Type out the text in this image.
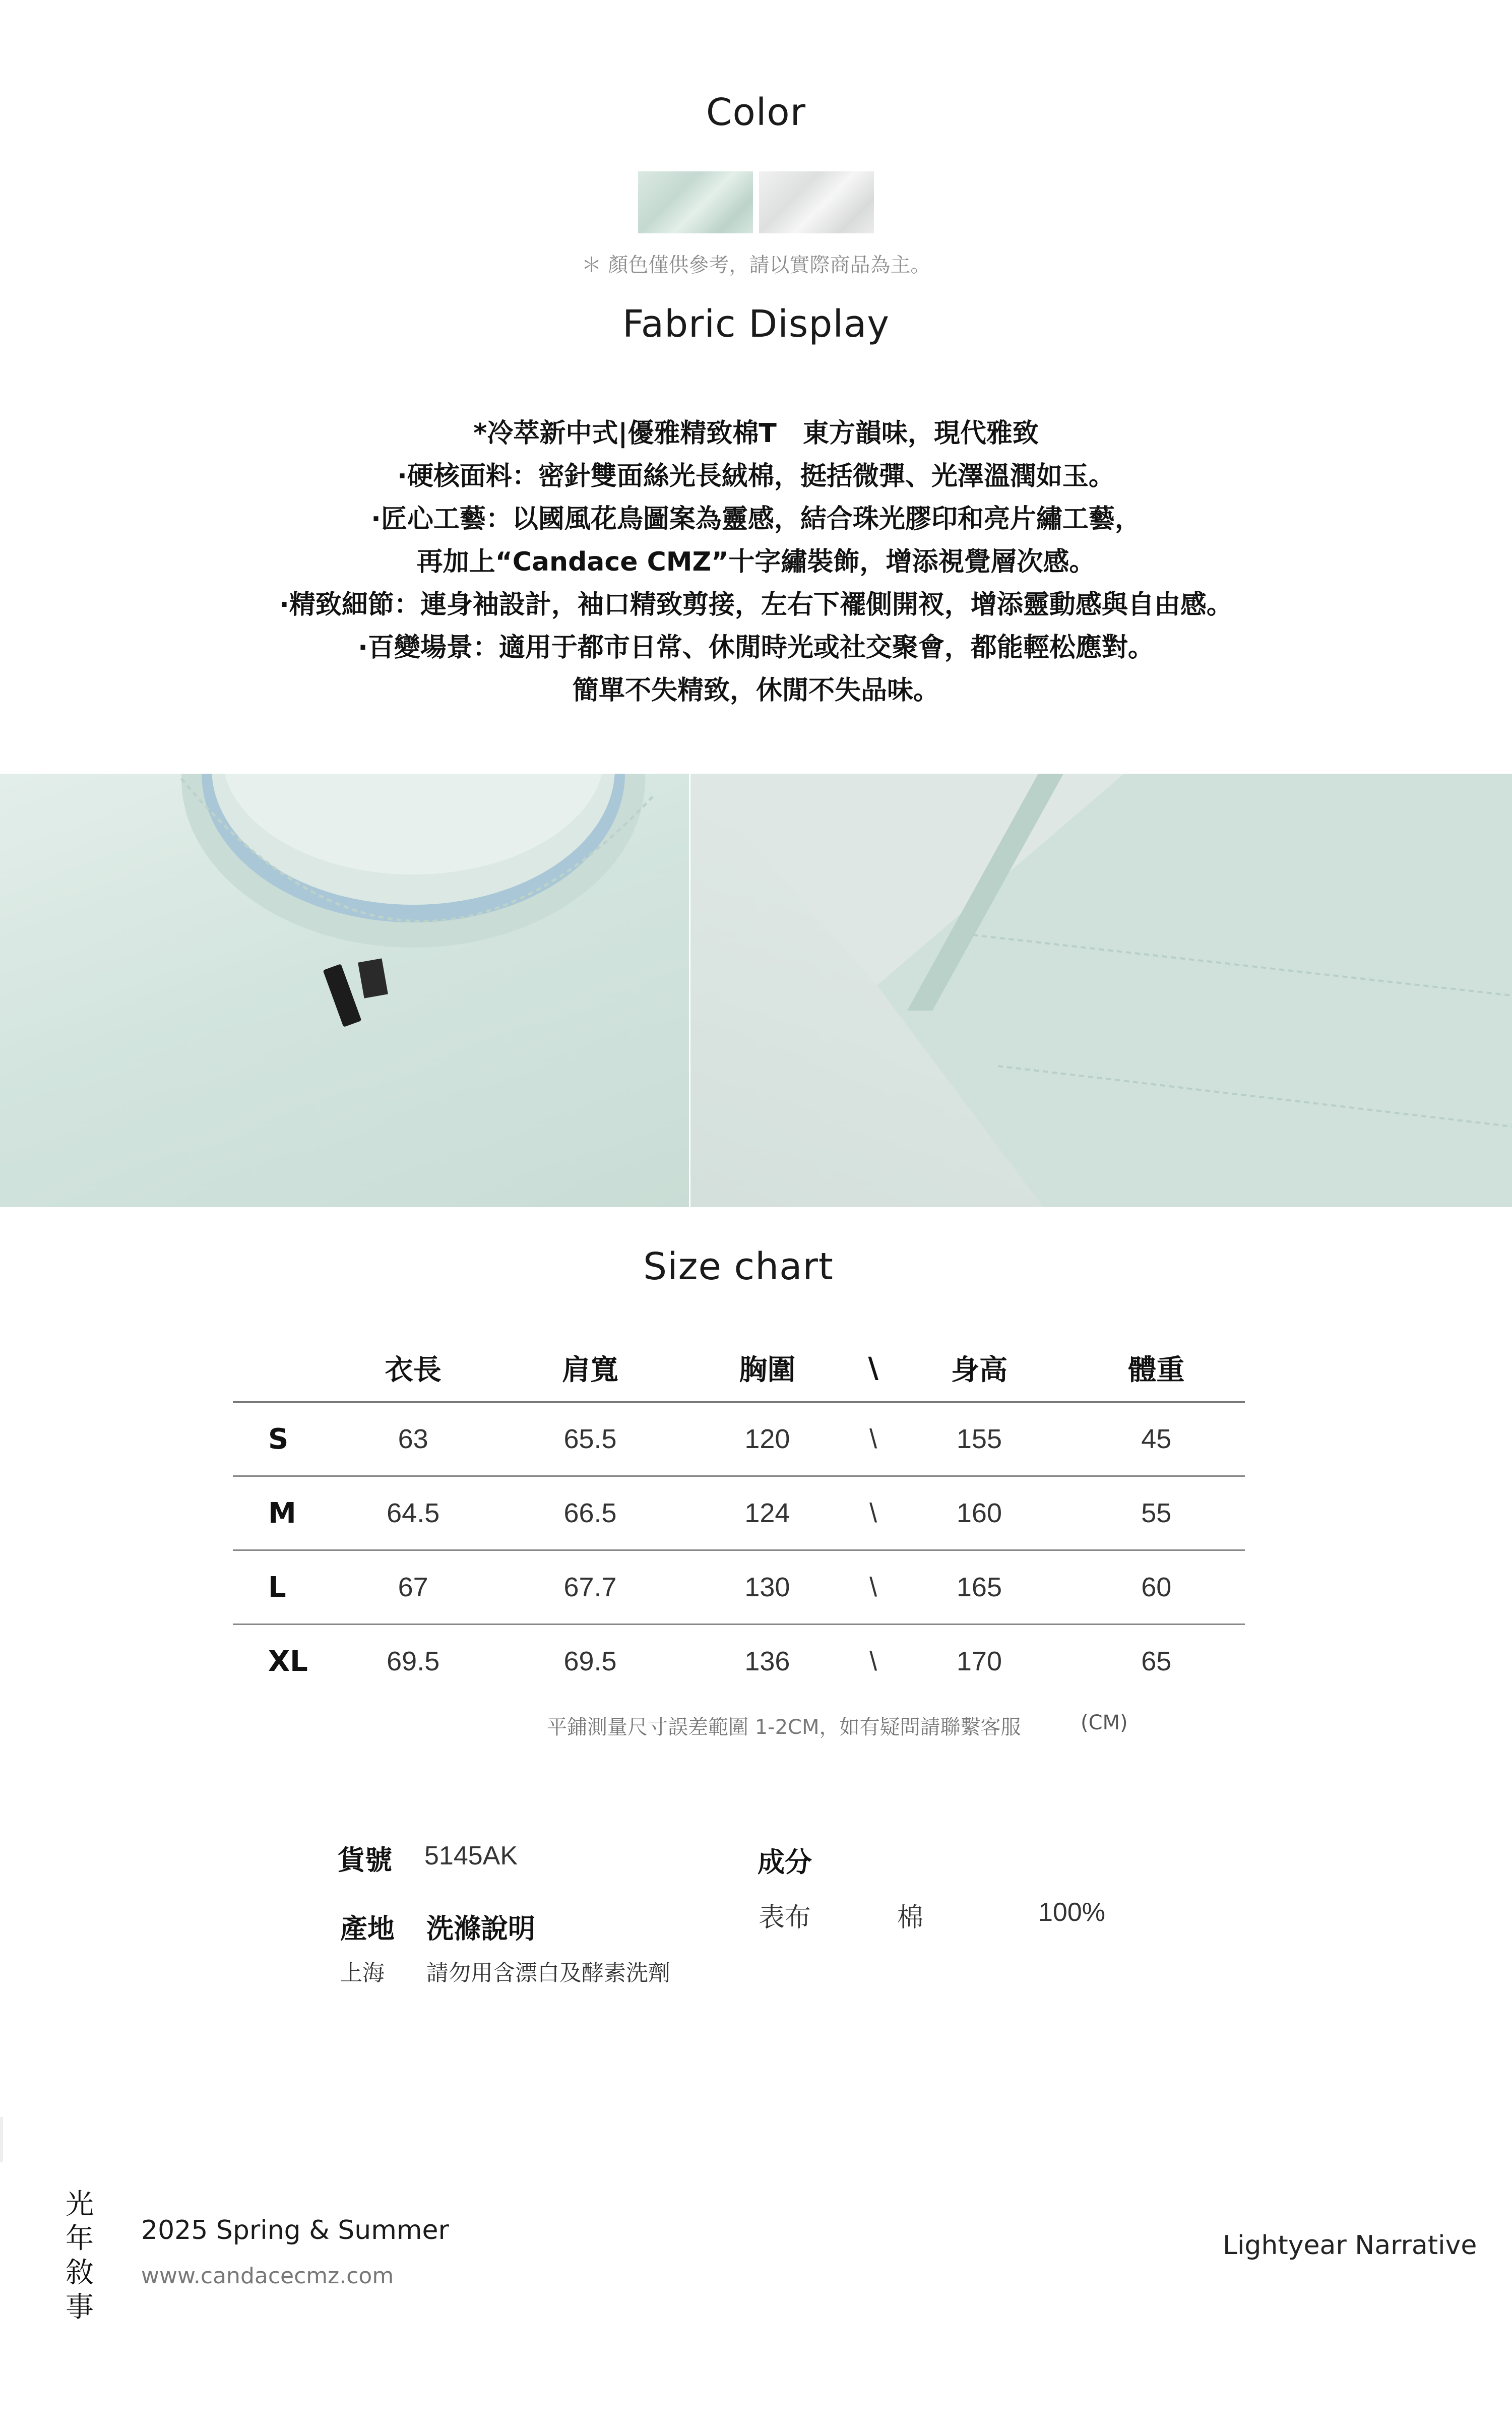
Color
＊ 顏色僅供參考，請以實際商品為主。
Fabric Display
*冷萃新中式|優雅精致棉T　東方韻味，現代雅致
·硬核面料：密針雙面絲光長絨棉，挺括微彈、光澤溫潤如玉。
·匠心工藝：以國風花鳥圖案為靈感，結合珠光膠印和亮片繡工藝，
再加上“Candace CMZ”十字繡裝飾，增添視覺層次感。
·精致細節：連身袖設計，袖口精致剪接，左右下襬側開衩，增添靈動感與自由感。
·百變場景：適用于都市日常、休閒時光或社交聚會，都能輕松應對。
簡單不失精致，休閒不失品味。
Size chart
	衣長	肩寬	胸圍	\	身高	體重
S	63	65.5	120	\	155	45
M	64.5	66.5	124	\	160	55
L	67	67.7	130	\	165	60
XL	69.5	69.5	136	\	170	65
平鋪測量尺寸誤差範圍 1-2CM，如有疑問請聯繫客服	(CM)
貨號 5145AK
產地 洗滌說明
上海 請勿用含漂白及酵素洗劑
成分
表布	棉	100%
光
年
敘
事
2025 Spring & Summer
www.candacecmz.com
Lightyear Narrative
